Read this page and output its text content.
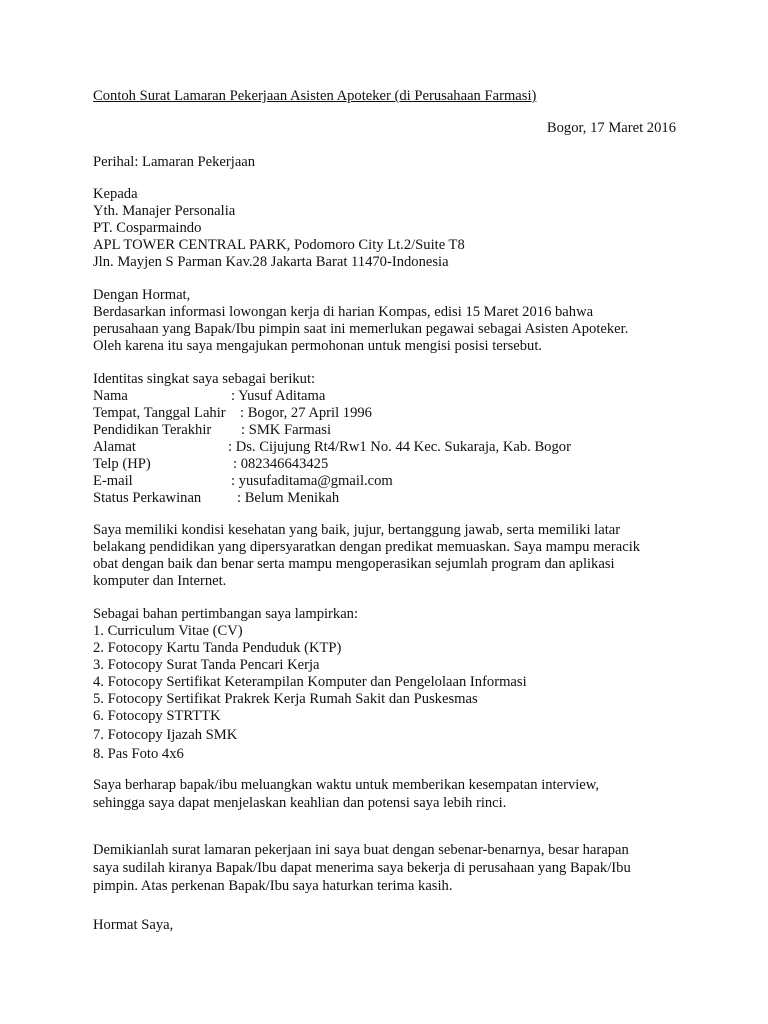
Contoh Surat Lamaran Pekerjaan Asisten Apoteker (di Perusahaan Farmasi)
Bogor, 17 Maret 2016
Perihal: Lamaran Pekerjaan
Kepada
Yth. Manajer Personalia
PT. Cosparmaindo
APL TOWER CENTRAL PARK, Podomoro City Lt.2/Suite T8
Jln. Mayjen S Parman Kav.28 Jakarta Barat 11470-Indonesia
Dengan Hormat,
Berdasarkan informasi lowongan kerja di harian Kompas, edisi 15 Maret 2016 bahwa
perusahaan yang Bapak/Ibu pimpin saat ini memerlukan pegawai sebagai Asisten Apoteker.
Oleh karena itu saya mengajukan permohonan untuk mengisi posisi tersebut.
Identitas singkat saya sebagai berikut:
Nama	: Yusuf Aditama
Tempat, Tanggal Lahir : Bogor, 27 April 1996
Pendidikan Terakhir	: SMK Farmasi
Alamat	: Ds. Cijujung Rt4/Rw1 No. 44 Kec. Sukaraja, Kab. Bogor
Telp (HP)	: 082346643425
E-mail	: yusufaditama@gmail.com
Status Perkawinan	: Belum Menikah
Saya memiliki kondisi kesehatan yang baik, jujur, bertanggung jawab, serta memiliki latar
belakang pendidikan yang dipersyaratkan dengan predikat memuaskan. Saya mampu meracik
obat dengan baik dan benar serta mampu mengoperasikan sejumlah program dan aplikasi
komputer dan Internet.
Sebagai bahan pertimbangan saya lampirkan:
1. Curriculum Vitae (CV)
2. Fotocopy Kartu Tanda Penduduk (KTP)
3. Fotocopy Surat Tanda Pencari Kerja
4. Fotocopy Sertifikat Keterampilan Komputer dan Pengelolaan Informasi
5. Fotocopy Sertifikat Prakrek Kerja Rumah Sakit dan Puskesmas
6. Fotocopy STRTTK
7. Fotocopy Ijazah SMK
8. Pas Foto 4x6
Saya berharap bapak/ibu meluangkan waktu untuk memberikan kesempatan interview,
sehingga saya dapat menjelaskan keahlian dan potensi saya lebih rinci.
Demikianlah surat lamaran pekerjaan ini saya buat dengan sebenar-benarnya, besar harapan
saya sudilah kiranya Bapak/Ibu dapat menerima saya bekerja di perusahaan yang Bapak/Ibu
pimpin. Atas perkenan Bapak/Ibu saya haturkan terima kasih.
Hormat Saya,
